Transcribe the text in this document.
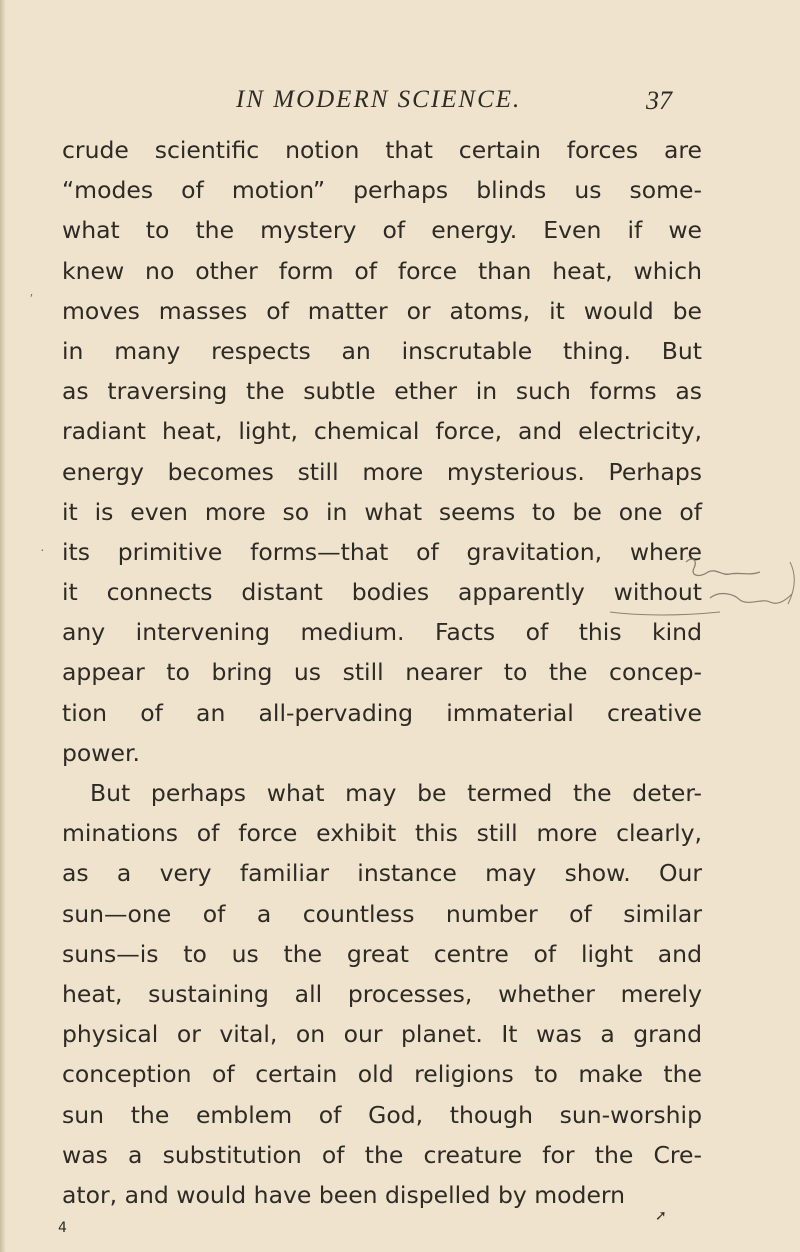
IN MODERN SCIENCE.	37
crude scientific notion that certain forces are
“modes of motion” perhaps blinds us some-
what to the mystery of energy. Even if we
knew no other form of force than heat, which
moves masses of matter or atoms, it would be
in many respects an inscrutable thing. But
as traversing the subtle ether in such forms as
radiant heat, light, chemical force, and electricity,
energy becomes still more mysterious. Perhaps
it is even more so in what seems to be one of
its primitive forms—that of gravitation, where
it connects distant bodies apparently without
any intervening medium. Facts of this kind
appear to bring us still nearer to the concep-
tion of an all-pervading immaterial creative
power.
But perhaps what may be termed the deter-
minations of force exhibit this still more clearly,
as a very familiar instance may show. Our
sun—one of a countless number of similar
suns—is to us the great centre of light and
heat, sustaining all processes, whether merely
physical or vital, on our planet. It was a grand
conception of certain old religions to make the
sun the emblem of God, though sun-worship
was a substitution of the creature for the Cre-
ator, and would have been dispelled by modern
4
′
·
➚
